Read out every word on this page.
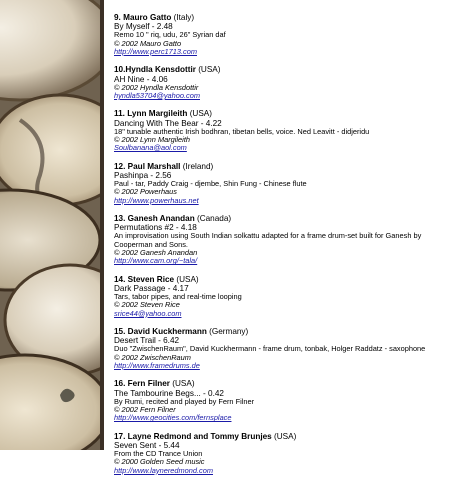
9. Mauro Gatto (Italy)
By Myself - 2.48
Remo 10 " riq, udu, 26" Syrian daf
© 2002 Mauro Gatto
http://www.perc1713.com
10.Hyndla Kensdottir (USA)
AH Nine - 4.06
© 2002 Hyndla Kensdottir
hyndla53704@yahoo.com
11. Lynn Margileith (USA)
Dancing With The Bear - 4.22
18" tunable authentic Irish bodhran, tibetan bells, voice. Ned Leavitt - didjeridu
© 2002 Lynn Margileith
Soulbanana@aol.com
12. Paul Marshall (Ireland)
Pashinpa - 2.56
Paul - tar, Paddy Craig - djembe, Shin Fung - Chinese flute
© 2002 Powerhaus
http://www.powerhaus.net
13. Ganesh Anandan (Canada)
Permutations #2 - 4.18
An improvisation using South Indian solkattu adapted for a frame drum-set built for Ganesh by Cooperman and Sons.
© 2002 Ganesh Anandan
http://www.cam.org/~tala/
14. Steven Rice (USA)
Dark Passage - 4.17
Tars, tabor pipes, and real-time looping
© 2002 Steven Rice
srice44@yahoo.com
15. David Kuckhermann (Germany)
Desert Trail - 6.42
Duo "ZwischenRaum", David Kuckhermann - frame drum, tonbak, Holger Raddatz - saxophone
© 2002 ZwischenRaum
http://www.framedrums.de
16. Fern Filner (USA)
The Tambourine Begs... - 0.42
By Rumi, recited and played by Fern Filner
© 2002 Fern Filner
http://www.geocities.com/fernsplace
17. Layne Redmond and Tommy Brunjes (USA)
Seven Sent - 5.44
From the CD Trance Union
© 2000 Golden Seed music
http://www.layneredmond.com
